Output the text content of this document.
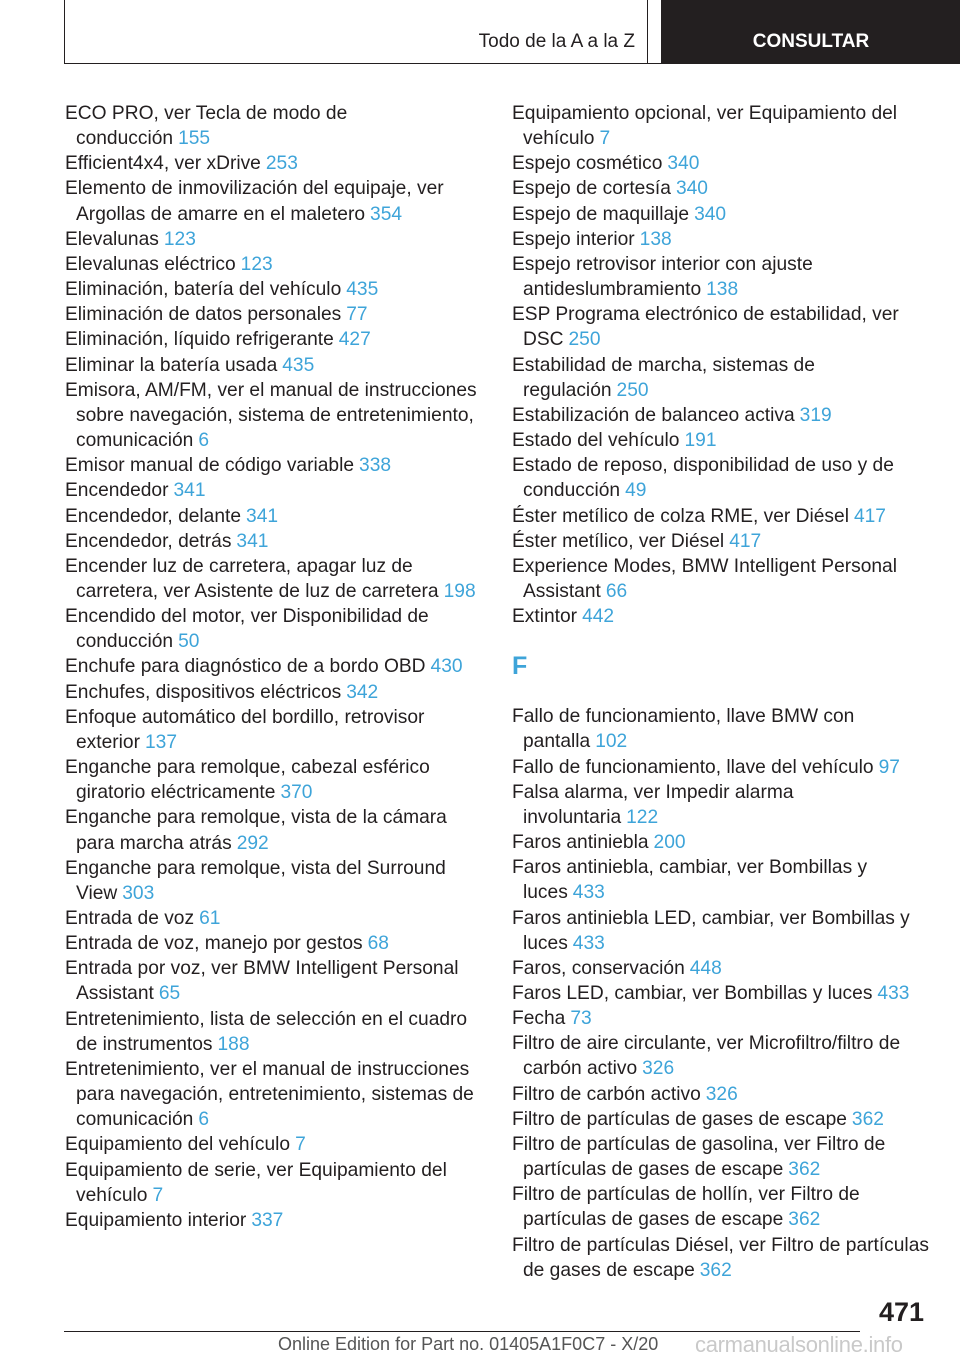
Todo de la A a la Z	CONSULTAR
ECO PRO, ver Tecla de modo de conducción 155
Efficient4x4, ver xDrive 253
Elemento de inmovilización del equipaje, ver Argollas de amarre en el maletero 354
Elevalunas 123
Elevalunas eléctrico 123
Eliminación, batería del vehículo 435
Eliminación de datos personales 77
Eliminación, líquido refrigerante 427
Eliminar la batería usada 435
Emisora, AM/FM, ver el manual de instrucciones sobre navegación, sistema de entretenimiento, comunicación 6
Emisor manual de código variable 338
Encendedor 341
Encendedor, delante 341
Encendedor, detrás 341
Encender luz de carretera, apagar luz de carretera, ver Asistente de luz de carretera 198
Encendido del motor, ver Disponibilidad de conducción 50
Enchufe para diagnóstico de a bordo OBD 430
Enchufes, dispositivos eléctricos 342
Enfoque automático del bordillo, retrovisor exterior 137
Enganche para remolque, cabezal esférico giratorio eléctricamente 370
Enganche para remolque, vista de la cámara para marcha atrás 292
Enganche para remolque, vista del Surround View 303
Entrada de voz 61
Entrada de voz, manejo por gestos 68
Entrada por voz, ver BMW Intelligent Personal Assistant 65
Entretenimiento, lista de selección en el cuadro de instrumentos 188
Entretenimiento, ver el manual de instrucciones para navegación, entretenimiento, sistemas de comunicación 6
Equipamiento del vehículo 7
Equipamiento de serie, ver Equipamiento del vehículo 7
Equipamiento interior 337
Equipamiento opcional, ver Equipamiento del vehículo 7
Espejo cosmético 340
Espejo de cortesía 340
Espejo de maquillaje 340
Espejo interior 138
Espejo retrovisor interior con ajuste antideslumbramiento 138
ESP Programa electrónico de estabilidad, ver DSC 250
Estabilidad de marcha, sistemas de regulación 250
Estabilización de balanceo activa 319
Estado del vehículo 191
Estado de reposo, disponibilidad de uso y de conducción 49
Éster metílico de colza RME, ver Diésel 417
Éster metílico, ver Diésel 417
Experience Modes, BMW Intelligent Personal Assistant 66
Extintor 442
F
Fallo de funcionamiento, llave BMW con pantalla 102
Fallo de funcionamiento, llave del vehículo 97
Falsa alarma, ver Impedir alarma involuntaria 122
Faros antiniebla 200
Faros antiniebla, cambiar, ver Bombillas y luces 433
Faros antiniebla LED, cambiar, ver Bombillas y luces 433
Faros, conservación 448
Faros LED, cambiar, ver Bombillas y luces 433
Fecha 73
Filtro de aire circulante, ver Microfiltro/filtro de carbón activo 326
Filtro de carbón activo 326
Filtro de partículas de gases de escape 362
Filtro de partículas de gasolina, ver Filtro de partículas de gases de escape 362
Filtro de partículas de hollín, ver Filtro de partículas de gases de escape 362
Filtro de partículas Diésel, ver Filtro de partículas de gases de escape 362
471
Online Edition for Part no. 01405A1F0C7 - X/20 carmanualsonline.info
